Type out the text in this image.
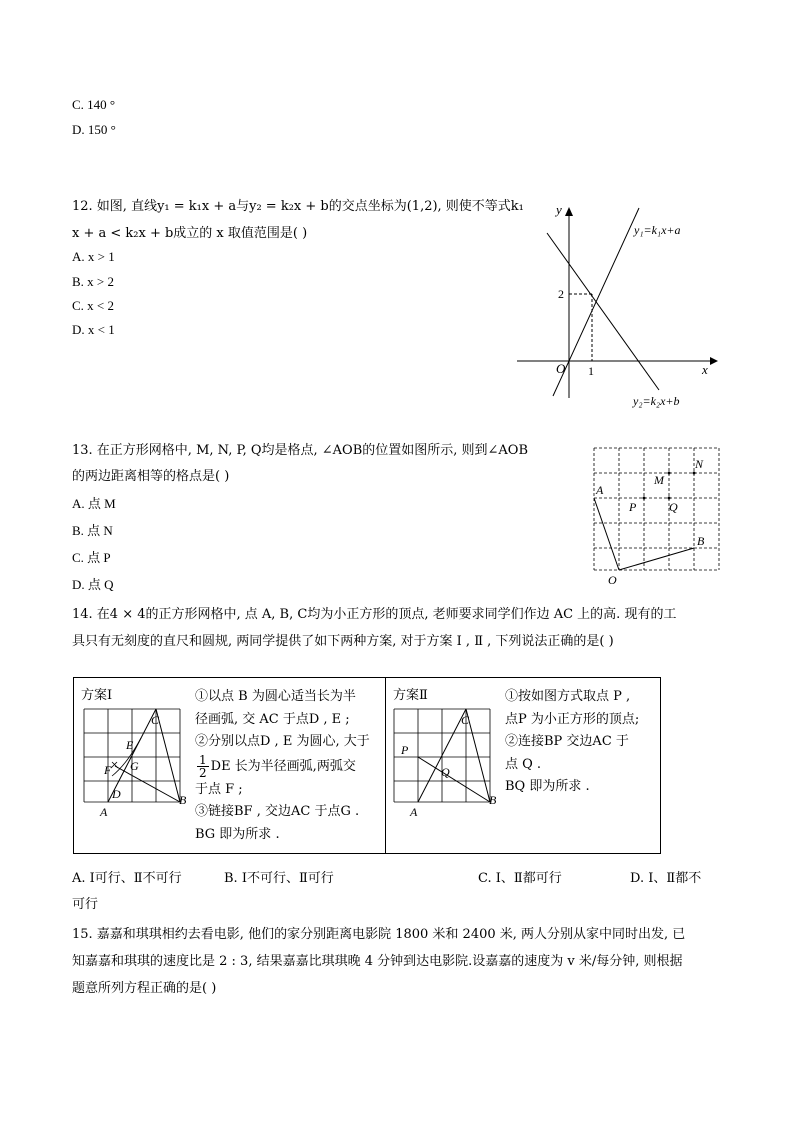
C. 140 °
D. 150 °
12. 如图, 直线y₁ = k₁x + a与y₂ = k₂x + b的交点坐标为(1,2), 则使不等式k₁
x + a < k₂x + b成立的 x 取值范围是( )
A. x > 1
B. x > 2
C. x < 2
D. x < 1
y
x
O 1
2
y₁=k₁x+a
y₂=k₂x+b
13. 在正方形网格中, M, N, P, Q均是格点, ∠AOB的位置如图所示, 则到∠AOB
的两边距离相等的格点是( )
A. 点 M
B. 点 N
C. 点 P
D. 点 Q
A
B
O
M
N
P	Q
14. 在4 × 4的正方形网格中, 点 A, B, C均为小正方形的顶点, 老师要求同学们作边 AC 上的高. 现有的工
具只有无刻度的直尺和圆规, 两同学提供了如下两种方案, 对于方案 Ⅰ , Ⅱ , 下列说法正确的是( )
方案Ⅰ
C
E
F G
D
A
B
①以点 B 为圆心适当长为半
径画弧, 交 AC 于点D , E ;
②分别以点D , E 为圆心, 大于
$\frac{1}{2}$ DE 长为半径画弧,两弧交
于点 F ;
③链接BF , 交边AC 于点G .
BG 即为所求 .
方案Ⅱ
C
P
Q
A
B
①按如图方式取点 P ,
点P 为小正方形的顶点;
②连接BP 交边AC 于
点 Q .
BQ 即为所求 .
A. Ⅰ可行、Ⅱ不可行	B. Ⅰ不可行、Ⅱ可行	C. Ⅰ、Ⅱ都可行	D. Ⅰ、Ⅱ都不
可行
15. 嘉嘉和琪琪相约去看电影, 他们的家分别距离电影院 1800 米和 2400 米, 两人分别从家中同时出发, 已
知嘉嘉和琪琪的速度比是 2 : 3, 结果嘉嘉比琪琪晚 4 分钟到达电影院.设嘉嘉的速度为 v 米/每分钟, 则根据
题意所列方程正确的是( )
